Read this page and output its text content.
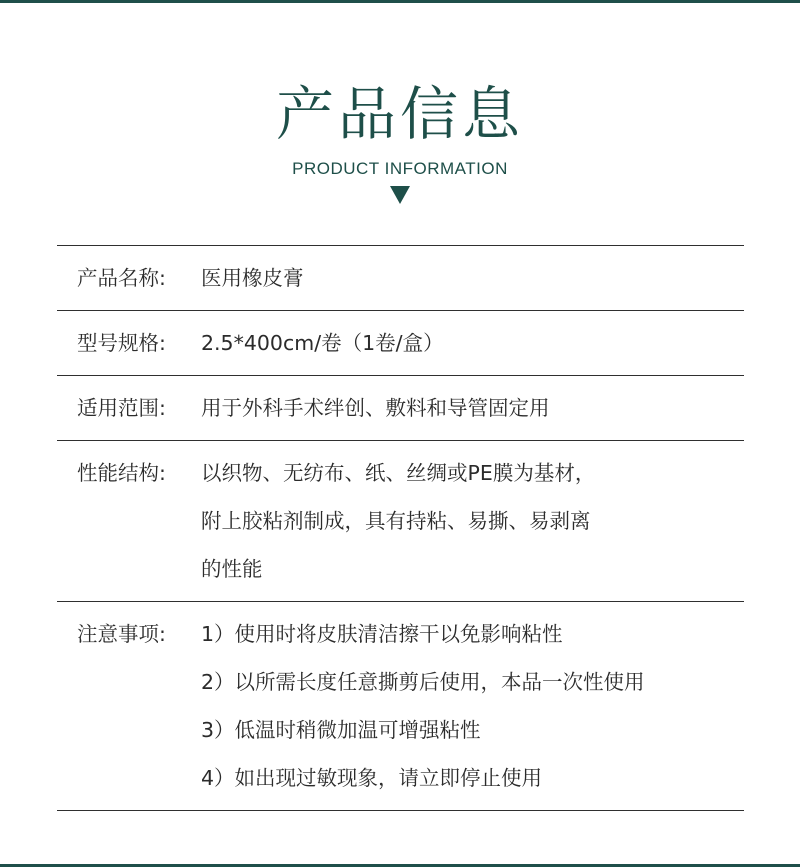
产品信息
PRODUCT INFORMATION
产品名称:	医用橡皮膏
型号规格:	2.5*400cm/卷（1卷/盒）
适用范围:	用于外科手术绊创、敷料和导管固定用
性能结构:	以织物、无纺布、纸、丝绸或PE膜为基材，
附上胶粘剂制成，具有持粘、易撕、易剥离
的性能
注意事项:	1）使用时将皮肤清洁擦干以免影响粘性
2）以所需长度任意撕剪后使用，本品一次性使用
3）低温时稍微加温可增强粘性
4）如出现过敏现象，请立即停止使用
